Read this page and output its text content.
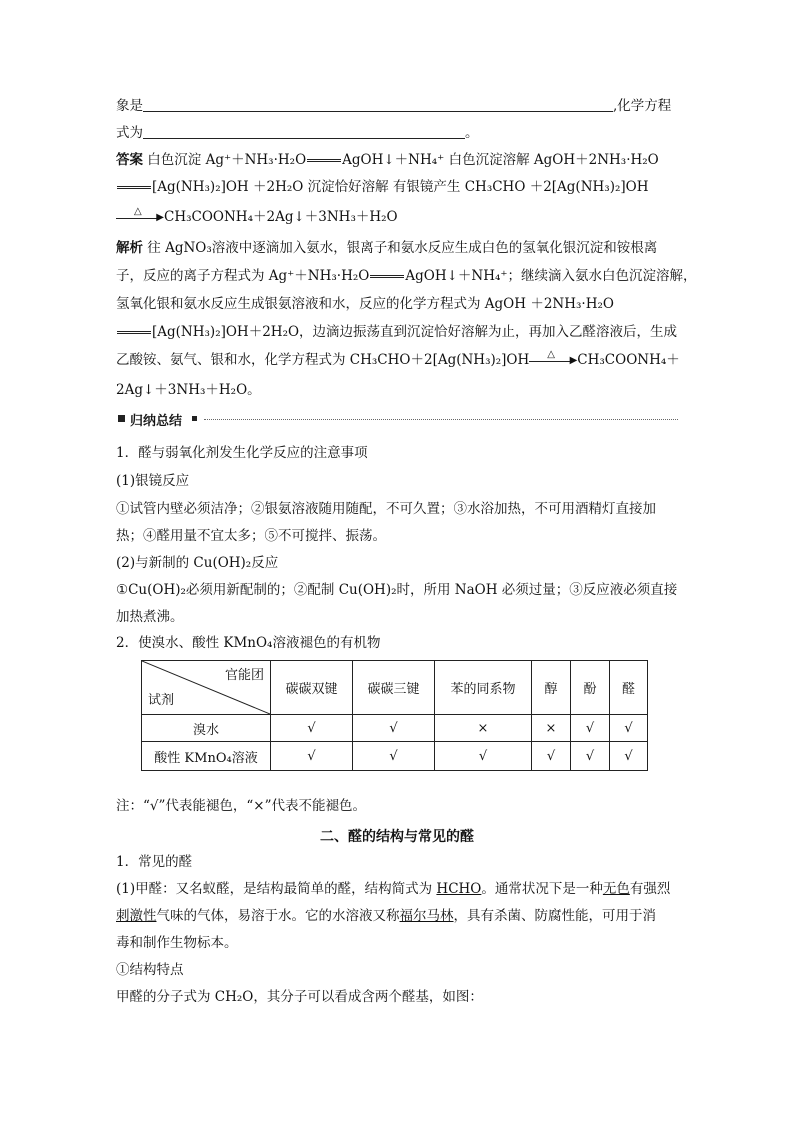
象是	,化学方程
式为	。
答案 白色沉淀 Ag⁺＋NH₃·H₂O	AgOH↓＋NH₄⁺ 白色沉淀溶解 AgOH＋2NH₃·H₂O
[Ag(NH₃)₂]OH ＋2H₂O 沉淀恰好溶解 有银镜产生 CH₃CHO ＋2[Ag(NH₃)₂]OH
△
▶ CH₃COONH₄＋2Ag↓＋3NH₃＋H₂O
解析 往 AgNO₃溶液中逐滴加入氨水，银离子和氨水反应生成白色的氢氧化银沉淀和铵根离
子，反应的离子方程式为 Ag⁺＋NH₃·H₂O	AgOH↓＋NH₄⁺；继续滴入氨水白色沉淀溶解，
氢氧化银和氨水反应生成银氨溶液和水，反应的化学方程式为 AgOH ＋2NH₃·H₂O
[Ag(NH₃)₂]OH＋2H₂O，边滴边振荡直到沉淀恰好溶解为止，再加入乙醛溶液后，生成
乙酸铵、氨气、银和水，化学方程式为 CH₃CHO＋2[Ag(NH₃)₂]OH △
▶ CH₃COONH₄＋
2Ag↓＋3NH₃＋H₂O。
归纳总结
1．醛与弱氧化剂发生化学反应的注意事项
(1)银镜反应
①试管内壁必须洁净；②银氨溶液随用随配，不可久置；③水浴加热，不可用酒精灯直接加
热；④醛用量不宜太多；⑤不可搅拌、振荡。
(2)与新制的 Cu(OH)₂反应
①Cu(OH)₂必须用新配制的；②配制 Cu(OH)₂时，所用 NaOH 必须过量；③反应液必须直接
加热煮沸。
2．使溴水、酸性 KMnO₄溶液褪色的有机物
官能团
试剂	碳碳双键	碳碳三键	苯的同系物	醇	酚	醛
溴水	√	√	×	×	√	√
酸性 KMnO₄溶液	√	√	√	√	√	√
注：“√”代表能褪色，“×”代表不能褪色。
二、醛的结构与常见的醛
1．常见的醛
(1)甲醛：又名蚁醛，是结构最简单的醛，结构简式为 HCHO。通常状况下是一种无色有强烈
刺激性气味的气体，易溶于水。它的水溶液又称福尔马林，具有杀菌、防腐性能，可用于消
毒和制作生物标本。
①结构特点
甲醛的分子式为 CH₂O，其分子可以看成含两个醛基，如图：
